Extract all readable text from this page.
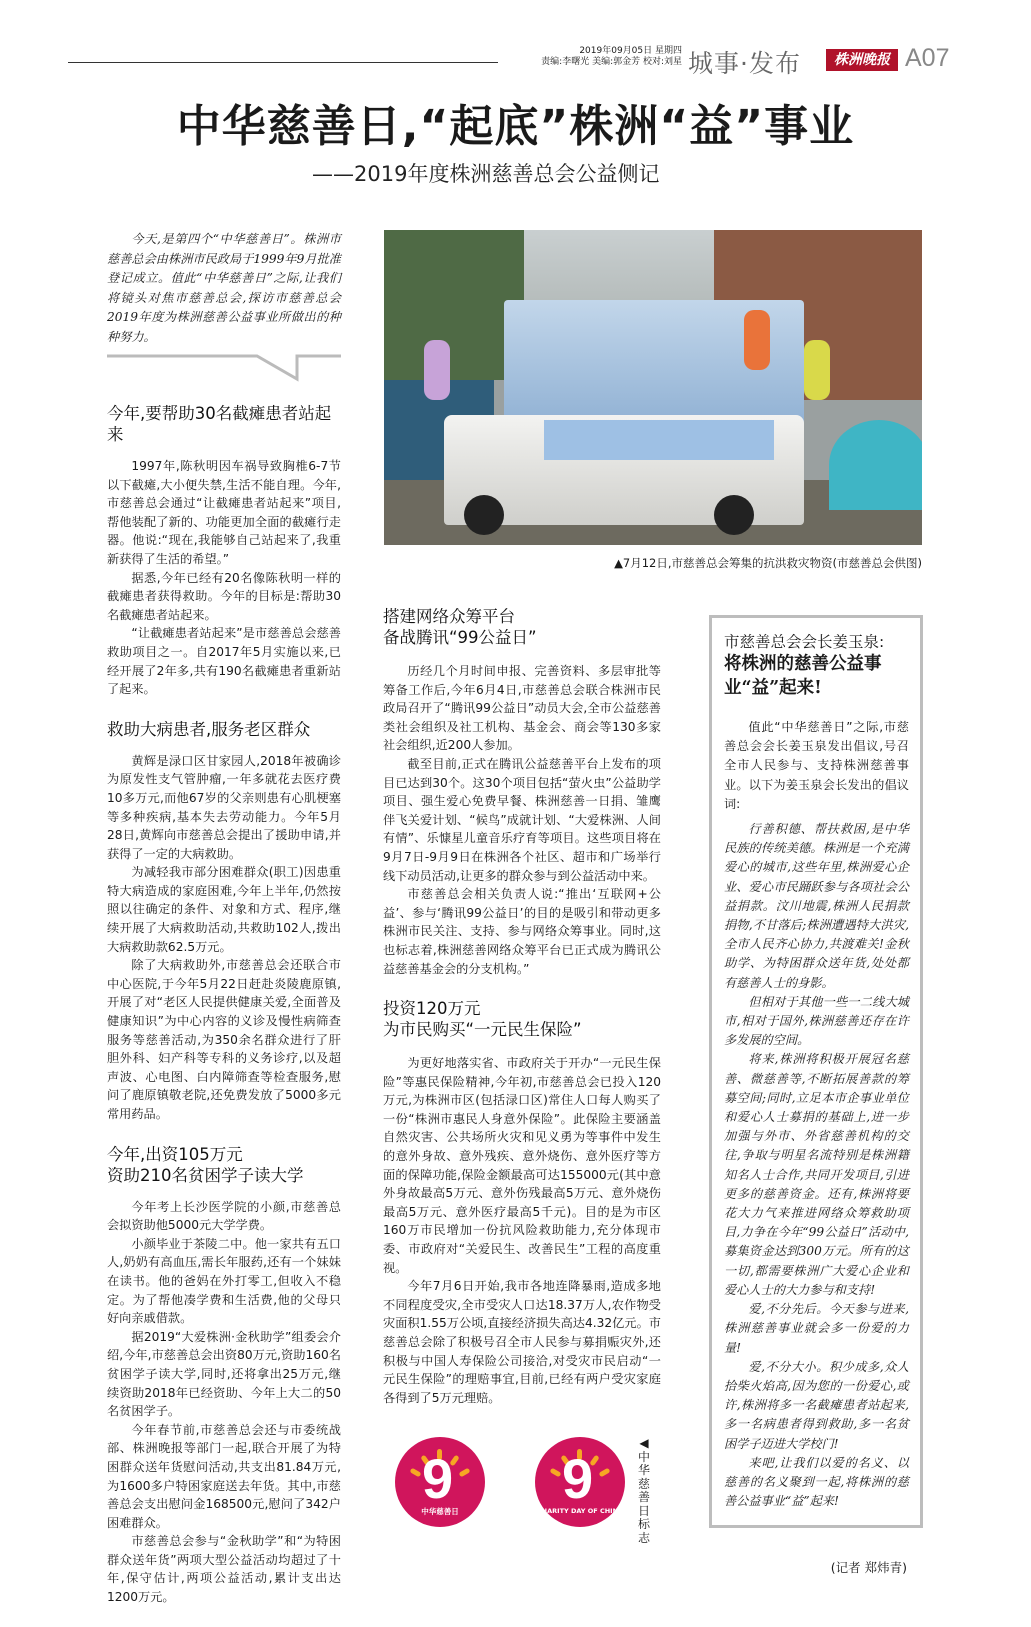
2019年09月05日 星期四
责编:李曙光 美编:郭金芳 校对:刘星 城事·发布	株洲晚报 A07
中华慈善日,“起底”株洲“益”事业
——2019年度株洲慈善总会公益侧记

今天,是第四个“中华慈善日”。株洲市慈善总会由株洲市民政局于1999年9月批准登记成立。值此“中华慈善日”之际,让我们将镜头对焦市慈善总会,探访市慈善总会2019年度为株洲慈善公益事业所做出的种种努力。

今年,要帮助30名截瘫患者站起来

1997年,陈秋明因车祸导致胸椎6-7节以下截瘫,大小便失禁,生活不能自理。今年,市慈善总会通过“让截瘫患者站起来”项目,帮他装配了新的、功能更加全面的截瘫行走器。他说:“现在,我能够自己站起来了,我重新获得了生活的希望。”

据悉,今年已经有20名像陈秋明一样的截瘫患者获得救助。今年的目标是:帮助30名截瘫患者站起来。

“让截瘫患者站起来”是市慈善总会慈善救助项目之一。自2017年5月实施以来,已经开展了2年多,共有190名截瘫患者重新站了起来。

救助大病患者,服务老区群众

黄辉是渌口区甘家园人,2018年被确诊为原发性支气管肿瘤,一年多就花去医疗费10多万元,而他67岁的父亲则患有心肌梗塞等多种疾病,基本失去劳动能力。今年5月28日,黄辉向市慈善总会提出了援助申请,并获得了一定的大病救助。

为减轻我市部分困难群众(职工)因患重特大病造成的家庭困难,今年上半年,仍然按照以往确定的条件、对象和方式、程序,继续开展了大病救助活动,共救助102人,拨出大病救助款62.5万元。

除了大病救助外,市慈善总会还联合市中心医院,于今年5月22日赶赴炎陵鹿原镇,开展了对“老区人民提供健康关爱,全面普及健康知识”为中心内容的义诊及慢性病筛查服务等慈善活动,为350余名群众进行了肝胆外科、妇产科等专科的义务诊疗,以及超声波、心电图、白内障筛查等检查服务,慰问了鹿原镇敬老院,还免费发放了5000多元常用药品。

今年,出资105万元
资助210名贫困学子读大学

今年考上长沙医学院的小颜,市慈善总会拟资助他5000元大学学费。

小颜毕业于茶陵二中。他一家共有五口人,奶奶有高血压,需长年服药,还有一个妹妹在读书。他的爸妈在外打零工,但收入不稳定。为了帮他凑学费和生活费,他的父母只好向亲戚借款。

据2019“大爱株洲·金秋助学”组委会介绍,今年,市慈善总会出资80万元,资助160名贫困学子读大学,同时,还将拿出25万元,继续资助2018年已经资助、今年上大二的50名贫困学子。

今年春节前,市慈善总会还与市委统战部、株洲晚报等部门一起,联合开展了为特困群众送年货慰问活动,共支出81.84万元,为1600多户特困家庭送去年货。其中,市慈善总会支出慰问金168500元,慰问了342户困难群众。

市慈善总会参与“金秋助学”和“为特困群众送年货”两项大型公益活动均超过了十年,保守估计,两项公益活动,累计支出达1200万元。

▲7月12日,市慈善总会筹集的抗洪救灾物资(市慈善总会供图)
搭建网络众筹平台
备战腾讯“99公益日”

历经几个月时间申报、完善资料、多层审批等筹备工作后,今年6月4日,市慈善总会联合株洲市民政局召开了“腾讯99公益日”动员大会,全市公益慈善类社会组织及社工机构、基金会、商会等130多家社会组织,近200人参加。

截至目前,正式在腾讯公益慈善平台上发布的项目已达到30个。这30个项目包括“萤火虫”公益助学项目、强生爱心免费早餐、株洲慈善一日捐、雏鹰伴飞关爱计划、“候鸟”成就计划、“大爱株洲、人间有情”、乐慷星儿童音乐疗育等项目。这些项目将在9月7日-9月9日在株洲各个社区、超市和广场举行线下动员活动,让更多的群众参与到公益活动中来。

市慈善总会相关负责人说:“推出‘互联网+公益’、参与‘腾讯99公益日’的目的是吸引和带动更多株洲市民关注、支持、参与网络众筹事业。同时,这也标志着,株洲慈善网络众筹平台已正式成为腾讯公益慈善基金会的分支机构。”

投资120万元
为市民购买“一元民生保险”

为更好地落实省、市政府关于开办“一元民生保险”等惠民保险精神,今年初,市慈善总会已投入120万元,为株洲市区(包括渌口区)常住人口每人购买了一份“株洲市惠民人身意外保险”。此保险主要涵盖自然灾害、公共场所火灾和见义勇为等事件中发生的意外身故、意外残疾、意外烧伤、意外医疗等方面的保障功能,保险金额最高可达155000元(其中意外身故最高5万元、意外伤残最高5万元、意外烧伤最高5万元、意外医疗最高5千元)。目的是为市区160万市民增加一份抗风险救助能力,充分体现市委、市政府对“关爱民生、改善民生”工程的高度重视。

今年7月6日开始,我市各地连降暴雨,造成多地不同程度受灾,全市受灾人口达18.37万人,农作物受灾面积1.55万公顷,直接经济损失高达4.32亿元。市慈善总会除了积极号召全市人民参与募捐赈灾外,还积极与中国人寿保险公司接洽,对受灾市民启动“一元民生保险”的理赔事宜,目前,已经有两户受灾家庭各得到了5万元理赔。

9
中华慈善日
9
CHARITY DAY OF CHINA
◀中华慈善日标志
市慈善总会会长姜玉泉:
将株洲的慈善公益事业“益”起来!

值此“中华慈善日”之际,市慈善总会会长姜玉泉发出倡议,号召全市人民参与、支持株洲慈善事业。以下为姜玉泉会长发出的倡议词:

行善积德、帮扶救困,是中华民族的传统美德。株洲是一个充满爱心的城市,这些年里,株洲爱心企业、爱心市民踊跃参与各项社会公益捐款。汶川地震,株洲人民捐款捐物,不甘落后;株洲遭遇特大洪灾,全市人民齐心协力,共渡难关!金秋助学、为特困群众送年货,处处都有慈善人士的身影。

但相对于其他一些一二线大城市,相对于国外,株洲慈善还存在许多发展的空间。

将来,株洲将积极开展冠名慈善、微慈善等,不断拓展善款的筹募空间;同时,立足本市企事业单位和爱心人士募捐的基础上,进一步加强与外市、外省慈善机构的交往,争取与明星名流特别是株洲籍知名人士合作,共同开发项目,引进更多的慈善资金。还有,株洲将要花大力气来推进网络众筹救助项目,力争在今年“99公益日”活动中,募集资金达到300万元。所有的这一切,都需要株洲广大爱心企业和爱心人士的大力参与和支持!

爱,不分先后。今天参与进来,株洲慈善事业就会多一份爱的力量!

爱,不分大小。积少成多,众人拾柴火焰高,因为您的一份爱心,或许,株洲将多一名截瘫患者站起来,多一名病患者得到救助,多一名贫困学子迈进大学校门!

来吧,让我们以爱的名义、以慈善的名义聚到一起,将株洲的慈善公益事业“益”起来!

(记者 郑炜青)
